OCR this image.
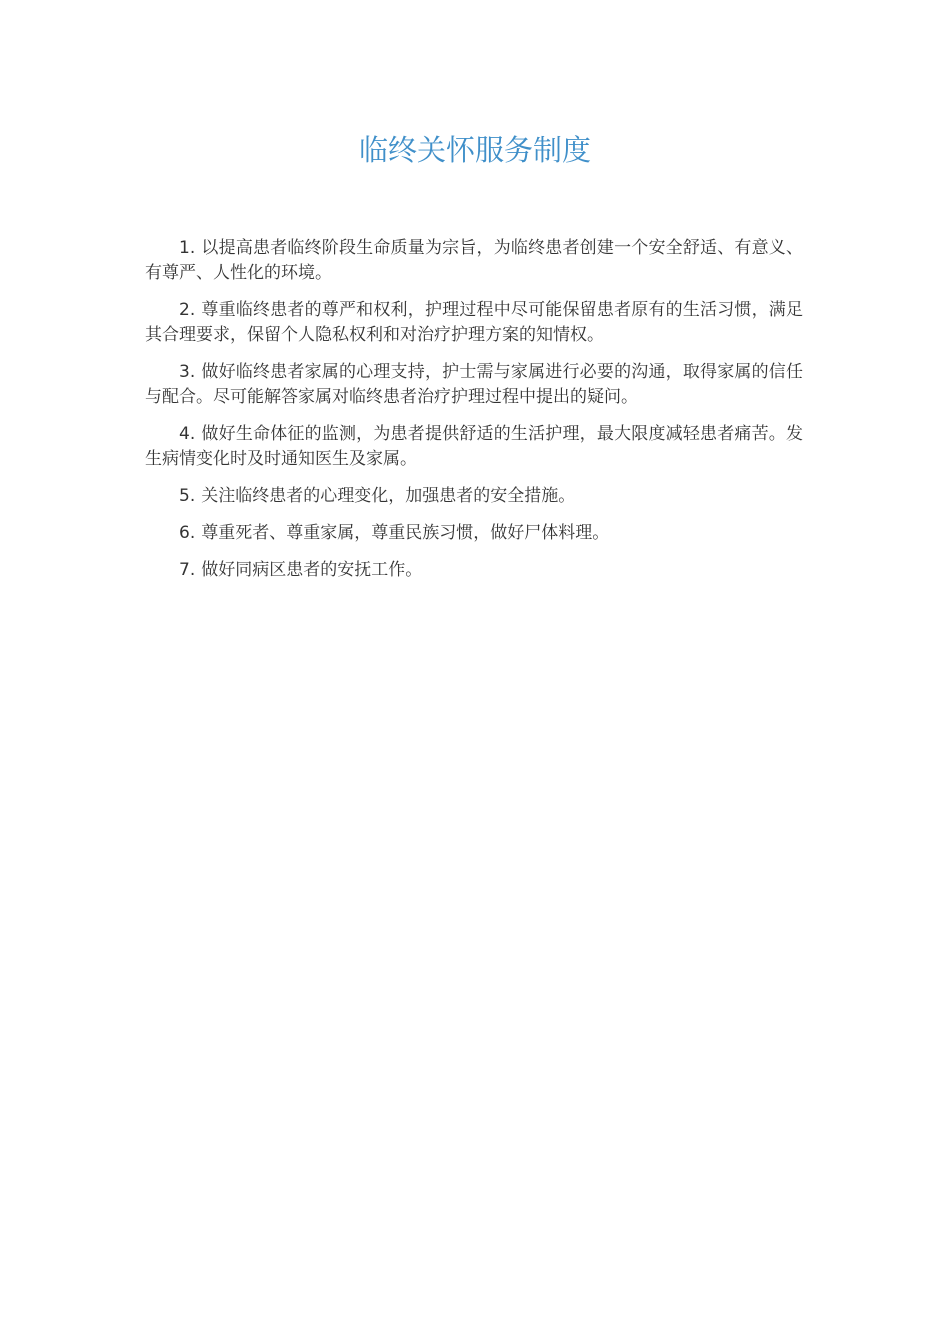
临终关怀服务制度

1. 以提高患者临终阶段生命质量为宗旨，为临终患者创建一个安全舒适、有意义、有尊严、人性化的环境。

2. 尊重临终患者的尊严和权利，护理过程中尽可能保留患者原有的生活习惯，满足其合理要求，保留个人隐私权利和对治疗护理方案的知情权。

3. 做好临终患者家属的心理支持，护士需与家属进行必要的沟通，取得家属的信任与配合。尽可能解答家属对临终患者治疗护理过程中提出的疑问。

4. 做好生命体征的监测，为患者提供舒适的生活护理，最大限度减轻患者痛苦。发生病情变化时及时通知医生及家属。

5. 关注临终患者的心理变化，加强患者的安全措施。

6. 尊重死者、尊重家属，尊重民族习惯，做好尸体料理。

7. 做好同病区患者的安抚工作。
